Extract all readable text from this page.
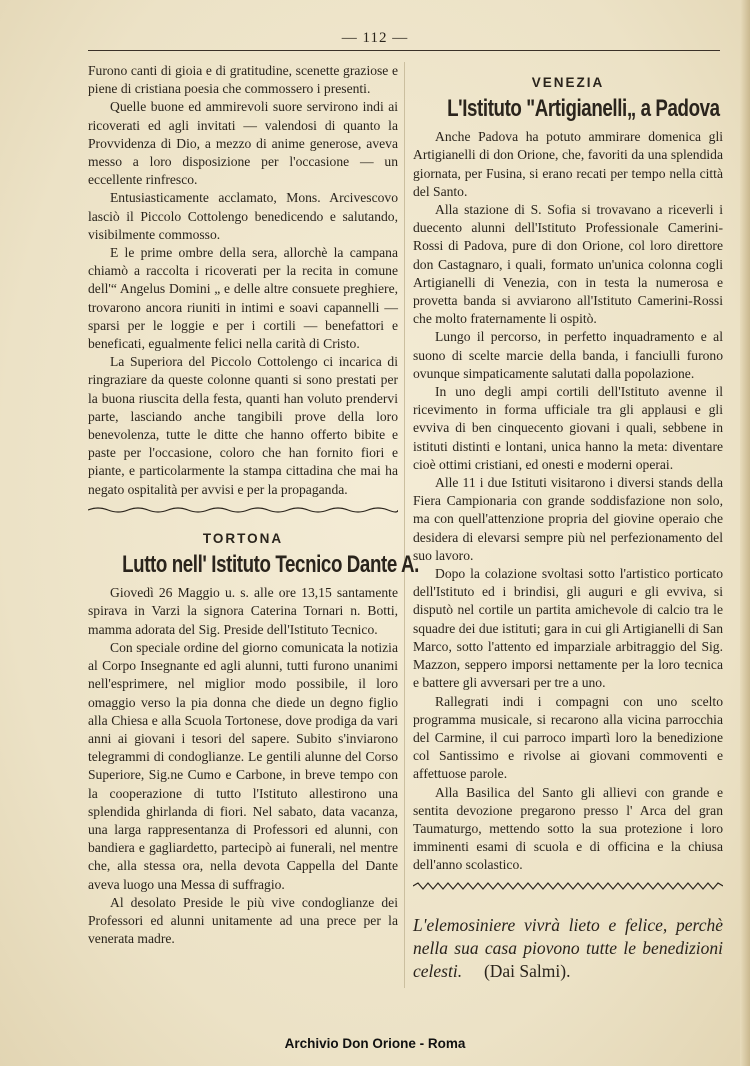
— 112 —

Furono canti di gioia e di gratitudine, scenette graziose e piene di cristiana poesia che commossero i presenti.

Quelle buone ed ammirevoli suore servirono indi ai ricoverati ed agli invitati — valendosi di quanto la Provvidenza di Dio, a mezzo di anime generose, aveva messo a loro disposizione per l'occasione — un eccellente rinfresco.

Entusiasticamente acclamato, Mons. Arcivescovo lasciò il Piccolo Cottolengo benedicendo e salutando, visibilmente commosso.

E le prime ombre della sera, allorchè la campana chiamò a raccolta i ricoverati per la recita in comune dell'“ Angelus Domini „ e delle altre consuete preghiere, trovarono ancora riuniti in intimi e soavi capannelli — sparsi per le loggie e per i cortili — benefattori e beneficati, egualmente felici nella carità di Cristo.

La Superiora del Piccolo Cottolengo ci incarica di ringraziare da queste colonne quanti si sono prestati per la buona riuscita della festa, quanti han voluto prendervi parte, lasciando anche tangibili prove della loro benevolenza, tutte le ditte che hanno offerto bibite e paste per l'occasione, coloro che han fornito fiori e piante, e particolarmente la stampa cittadina che mai ha negato ospitalità per avvisi e per la propaganda.

TORTONA
Lutto nell' Istituto Tecnico Dante A.

Giovedì 26 Maggio u. s. alle ore 13,15 santamente spirava in Varzi la signora Caterina Tornari n. Botti, mamma adorata del Sig. Preside dell'Istituto Tecnico.

Con speciale ordine del giorno comunicata la notizia al Corpo Insegnante ed agli alunni, tutti furono unanimi nell'esprimere, nel miglior modo possibile, il loro omaggio verso la pia donna che diede un degno figlio alla Chiesa e alla Scuola Tortonese, dove prodiga da vari anni ai giovani i tesori del sapere. Subito s'inviarono telegrammi di condoglianze. Le gentili alunne del Corso Superiore, Sig.ne Cumo e Carbone, in breve tempo con la cooperazione di tutto l'Istituto allestirono una splendida ghirlanda di fiori. Nel sabato, data vacanza, una larga rappresentanza di Professori ed alunni, con bandiera e gagliardetto, partecipò ai funerali, nel mentre che, alla stessa ora, nella devota Cappella del Dante aveva luogo una Messa di suffragio.

Al desolato Preside le più vive condoglianze dei Professori ed alunni unitamente ad una prece per la venerata madre.

VENEZIA
L'Istituto "Artigianelli„ a Padova

Anche Padova ha potuto ammirare domenica gli Artigianelli di don Orione, che, favoriti da una splendida giornata, per Fusina, si erano recati per tempo nella città del Santo.

Alla stazione di S. Sofia si trovavano a riceverli i duecento alunni dell'Istituto Professionale Camerini-Rossi di Padova, pure di don Orione, col loro direttore don Castagnaro, i quali, formato un'unica colonna cogli Artigianelli di Venezia, con in testa la numerosa e provetta banda si avviarono all'Istituto Camerini-Rossi che molto fraternamente li ospitò.

Lungo il percorso, in perfetto inquadramento e al suono di scelte marcie della banda, i fanciulli furono ovunque simpaticamente salutati dalla popolazione.

In uno degli ampi cortili dell'Istituto avenne il ricevimento in forma ufficiale tra gli applausi e gli evviva di ben cinquecento giovani i quali, sebbene in istituti distinti e lontani, unica hanno la meta: diventare cioè ottimi cristiani, ed onesti e moderni operai.

Alle 11 i due Istituti visitarono i diversi stands della Fiera Campionaria con grande soddisfazione non solo, ma con quell'attenzione propria del giovine operaio che desidera di elevarsi sempre più nel perfezionamento del suo lavoro.

Dopo la colazione svoltasi sotto l'artistico porticato dell'Istituto ed i brindisi, gli auguri e gli evviva, si disputò nel cortile un partita amichevole di calcio tra le squadre dei due istituti; gara in cui gli Artigianelli di San Marco, sotto l'attento ed imparziale arbitraggio del Sig. Mazzon, seppero imporsi nettamente per la loro tecnica e battere gli avversari per tre a uno.

Rallegrati indi i compagni con uno scelto programma musicale, si recarono alla vicina parrocchia del Carmine, il cui parroco impartì loro la benedizione col Santissimo e rivolse ai giovani commoventi e affettuose parole.

Alla Basilica del Santo gli allievi con grande e sentita devozione pregarono presso l' Arca del gran Taumaturgo, mettendo sotto la sua protezione i loro imminenti esami di scuola e di officina e la chiusa dell'anno scolastico.

L'elemosiniere vivrà lieto e felice, perchè nella sua casa piovono tutte le benedizioni celesti. (Dai Salmi).
Archivio Don Orione - Roma
